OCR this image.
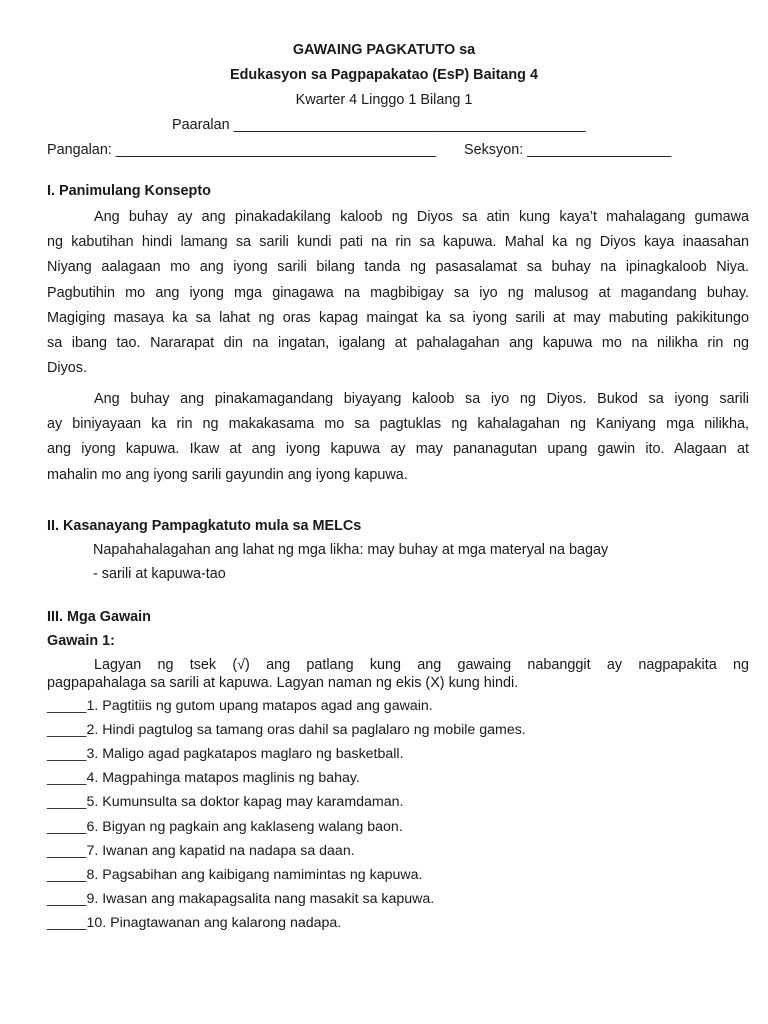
GAWAING PAGKATUTO sa
Edukasyon sa Pagpapakatao (EsP) Baitang 4
Kwarter 4 Linggo 1 Bilang 1
Paaralan ____________________________________________
Pangalan: ________________________________________ Seksyon: __________________
I. Panimulang Konsepto
Ang buhay ay ang pinakadakilang kaloob ng Diyos sa atin kung kaya’t mahalagang gumawa
ng kabutihan hindi lamang sa sarili kundi pati na rin sa kapuwa. Mahal ka ng Diyos kaya inaasahan
Niyang aalagaan mo ang iyong sarili bilang tanda ng pasasalamat sa buhay na ipinagkaloob Niya.
Pagbutihin mo ang iyong mga ginagawa na magbibigay sa iyo ng malusog at magandang buhay.
Magiging masaya ka sa lahat ng oras kapag maingat ka sa iyong sarili at may mabuting pakikitungo
sa ibang tao. Nararapat din na ingatan, igalang at pahalagahan ang kapuwa mo na nilikha rin ng
Diyos.
Ang buhay ang pinakamagandang biyayang kaloob sa iyo ng Diyos. Bukod sa iyong sarili
ay biniyayaan ka rin ng makakasama mo sa pagtuklas ng kahalagahan ng Kaniyang mga nilikha,
ang iyong kapuwa. Ikaw at ang iyong kapuwa ay may pananagutan upang gawin ito. Alagaan at
mahalin mo ang iyong sarili gayundin ang iyong kapuwa.
II. Kasanayang Pampagkatuto mula sa MELCs
Napahahalagahan ang lahat ng mga likha: may buhay at mga materyal na bagay
- sarili at kapuwa-tao
III. Mga Gawain
Gawain 1:
Lagyan ng tsek (√) ang patlang kung ang gawaing nabanggit ay nagpapakita ng
pagpapahalaga sa sarili at kapuwa. Lagyan naman ng ekis (X) kung hindi.
_____1. Pagtitiis ng gutom upang matapos agad ang gawain.
_____2. Hindi pagtulog sa tamang oras dahil sa paglalaro ng mobile games.
_____3. Maligo agad pagkatapos maglaro ng basketball.
_____4. Magpahinga matapos maglinis ng bahay.
_____5. Kumunsulta sa doktor kapag may karamdaman.
_____6. Bigyan ng pagkain ang kaklaseng walang baon.
_____7. Iwanan ang kapatid na nadapa sa daan.
_____8. Pagsabihan ang kaibigang namimintas ng kapuwa.
_____9. Iwasan ang makapagsalita nang masakit sa kapuwa.
_____10. Pinagtawanan ang kalarong nadapa.
